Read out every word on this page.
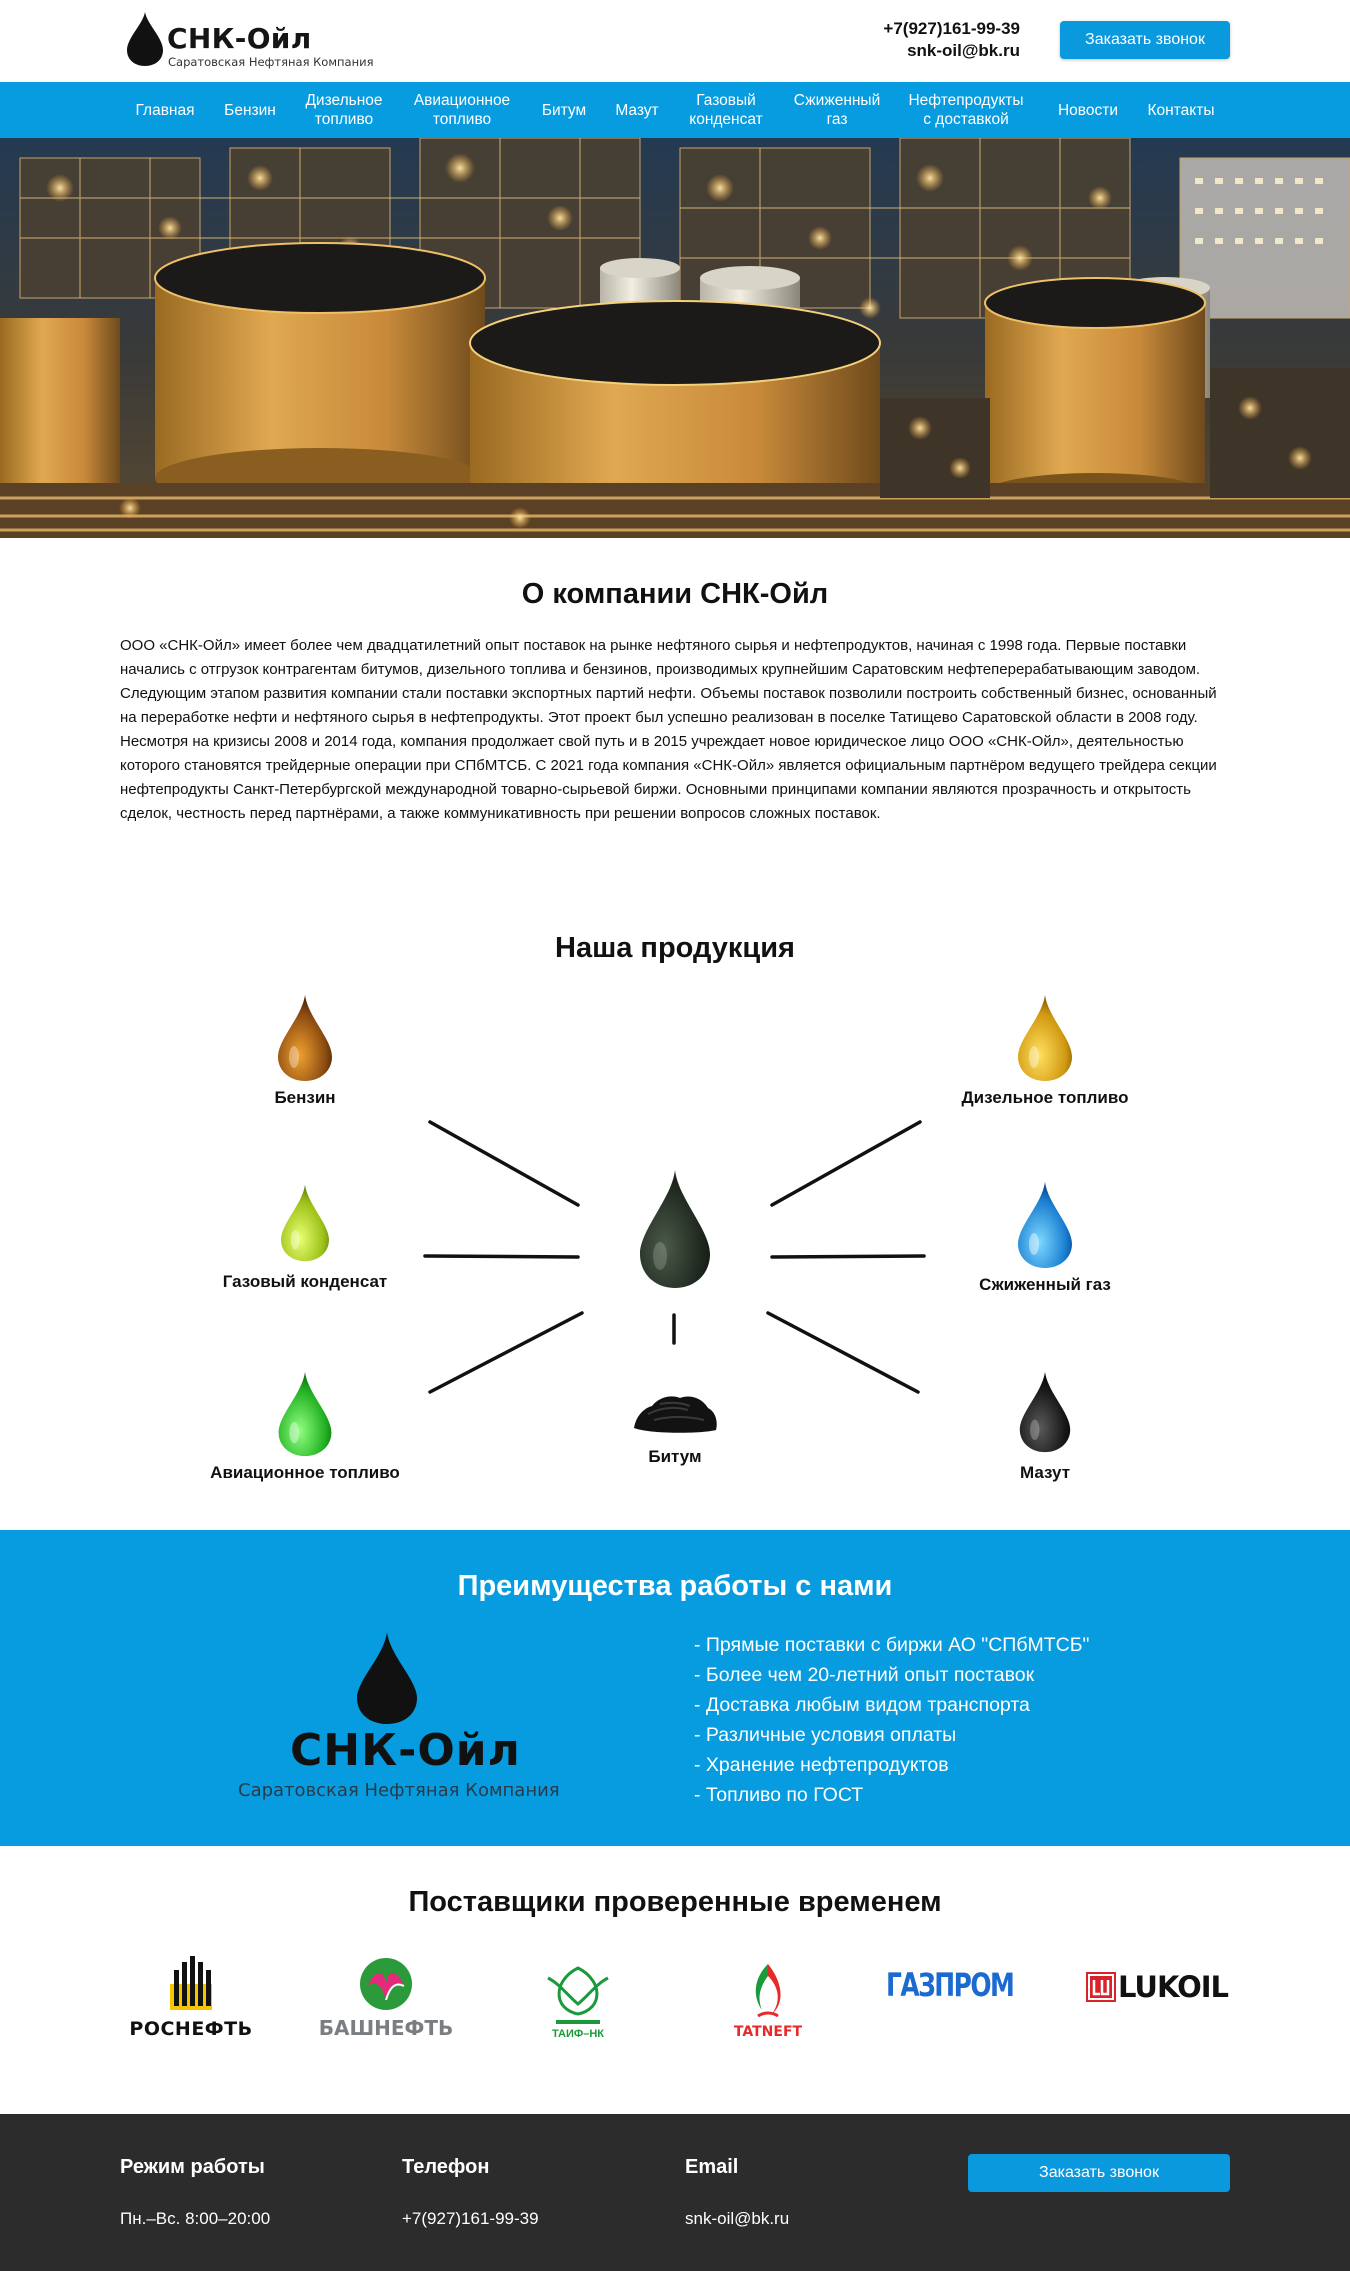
СНК-Ойл
Саратовская Нефтяная Компания
+7(927)161-99-39
snk-oil@bk.ru
Заказать звонок
Главная	Бензин
Дизельное
топливо
Авиационное
топливо
Битум	Мазут
Газовый
конденсат
Сжиженный
газ
Нефтепродукты
с доставкой
Новости	Контакты
О компании СНК-Ойл

ООО «СНК-Ойл» имеет более чем двадцатилетний опыт поставок на рынке нефтяного сырья и нефтепродуктов, начиная с 1998 года. Первые поставки начались с отгрузок контрагентам битумов, дизельного топлива и бензинов, производимых крупнейшим Саратовским нефтеперерабатывающим заводом. Следующим этапом развития компании стали поставки экспортных партий нефти. Объемы поставок позволили построить собственный бизнес, основанный на переработке нефти и нефтяного сырья в нефтепродукты. Этот проект был успешно реализован в поселке Татищево Саратовской области в 2008 году. Несмотря на кризисы 2008 и 2014 года, компания продолжает свой путь и в 2015 учреждает новое юридическое лицо ООО «СНК-Ойл», деятельностью которого становятся трейдерные операции при СПбМТСБ. С 2021 года компания «СНК-Ойл» является официальным партнёром ведущего трейдера секции нефтепродукты Санкт-Петербургской международной товарно-сырьевой биржи. Основными принципами компании являются прозрачность и открытость сделок, честность перед партнёрами, а также коммуникативность при решении вопросов сложных поставок.

Наша продукция
Бензин	Дизельное топливо
Газовый конденсат	Сжиженный газ
Авиационное топливо
Битум
Мазут
Преимущества работы с нами
СНК-Ойл
Саратовская Нефтяная Компания
- Прямые поставки с биржи АО "СПбМТСБ"
- Более чем 20-летний опыт поставок
- Доставка любым видом транспорта
- Различные условия оплаты
- Хранение нефтепродуктов
- Топливо по ГОСТ
Поставщики проверенные временем
РОСНЕФТЬ	БАШНЕФТЬ	ТАИФ–НК	TATNEFT
ГАЗПРОМ	LUKOIL
Режим работы
Пн.–Вс. 8:00–20:00
Телефон
+7(927)161-99-39
Email
snk-oil@bk.ru
Заказать звонок
